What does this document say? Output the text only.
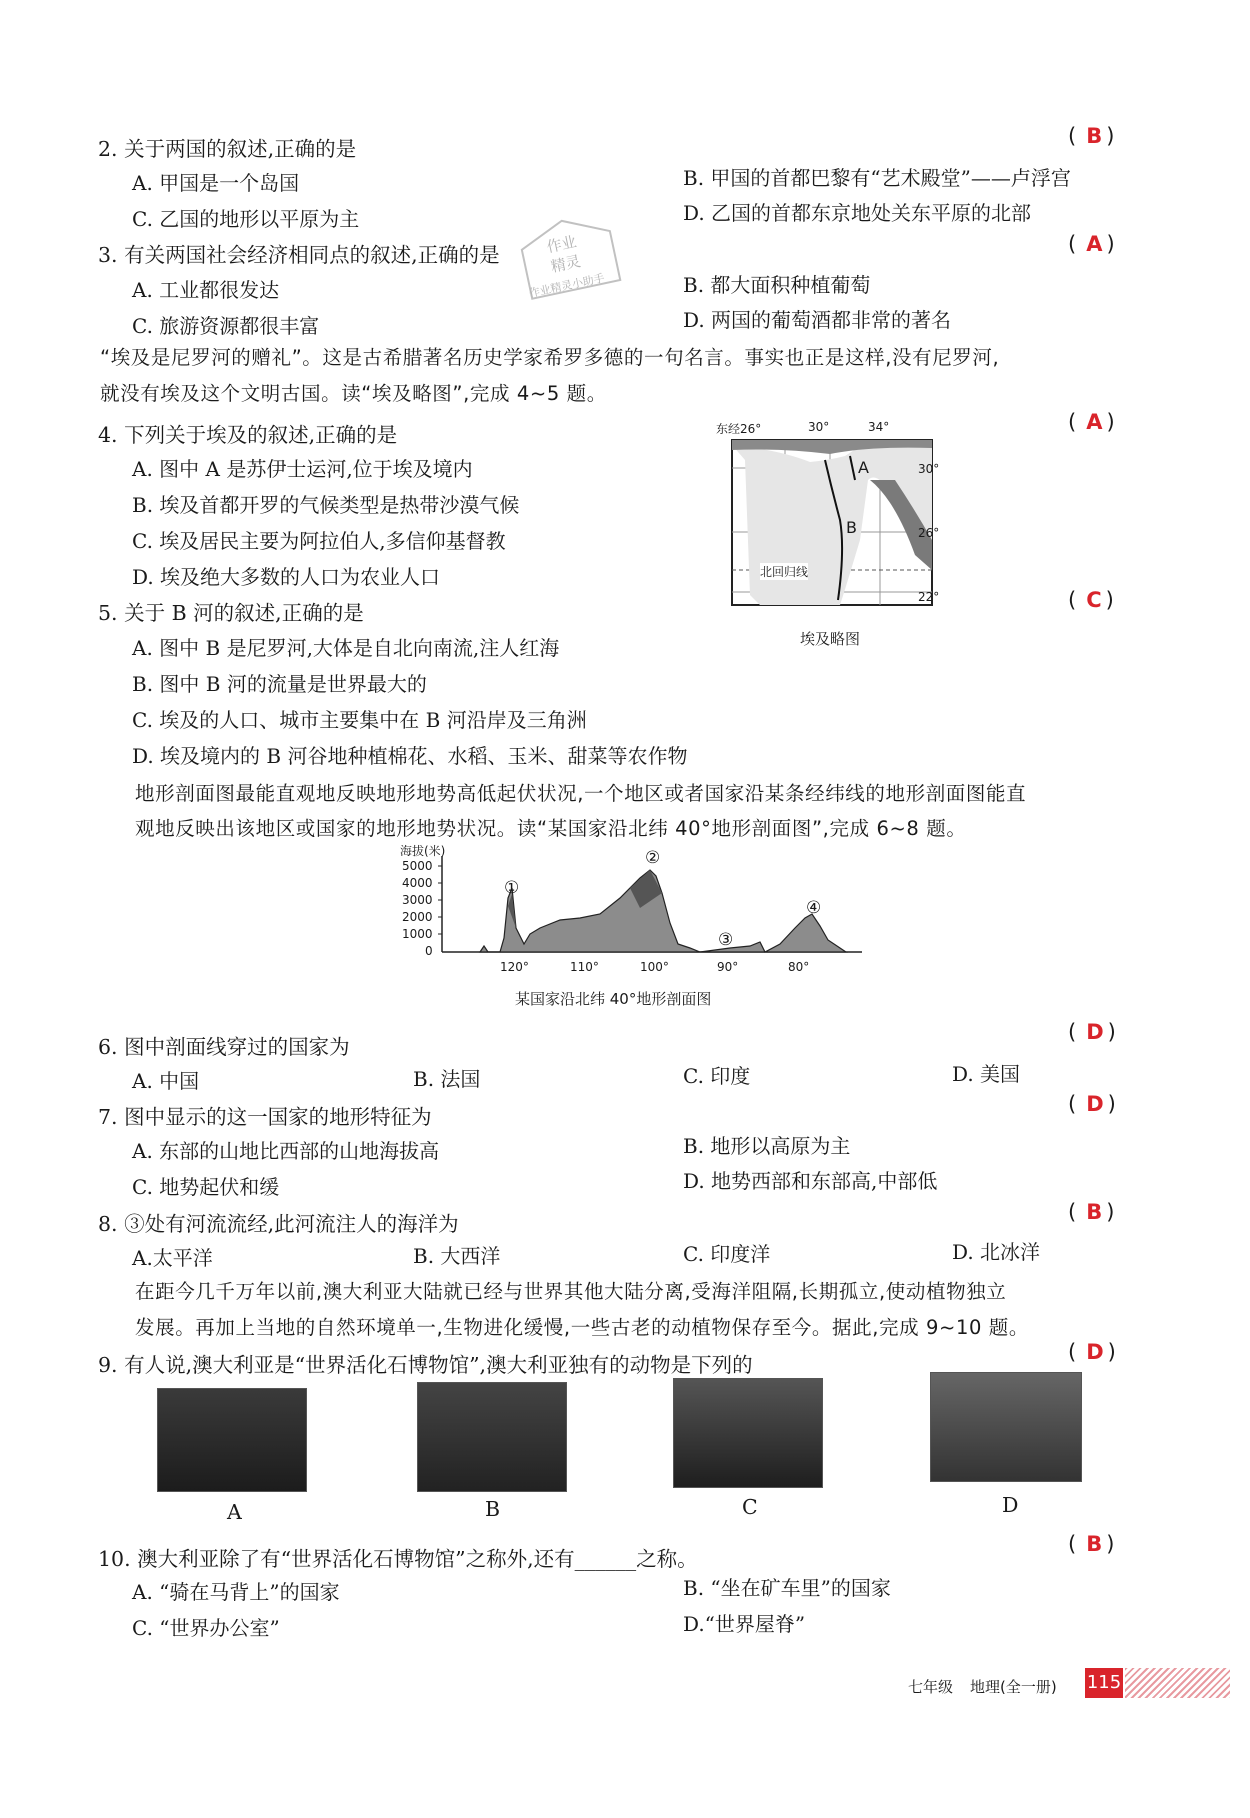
2. 关于两国的叙述,正确的是
( B )
A. 甲国是一个岛国	B. 甲国的首都巴黎有“艺术殿堂”——卢浮宫
C. 乙国的地形以平原为主	D. 乙国的首都东京地处关东平原的北部
3. 有关两国社会经济相同点的叙述,正确的是	( A )
A. 工业都很发达	B. 都大面积种植葡萄
C. 旅游资源都很丰富	D. 两国的葡萄酒都非常的著名
作业
精灵
作业精灵小助手
“埃及是尼罗河的赠礼”。这是古希腊著名历史学家希罗多德的一句名言。事实也正是这样,没有尼罗河,
就没有埃及这个文明古国。读“埃及略图”,完成 4~5 题。
4. 下列关于埃及的叙述,正确的是
( A )
A. 图中 A 是苏伊士运河,位于埃及境内
B. 埃及首都开罗的气候类型是热带沙漠气候
C. 埃及居民主要为阿拉伯人,多信仰基督教
D. 埃及绝大多数的人口为农业人口
东经26°	30°	34°
30°
26°
22°
北回归线
A
B
埃及略图
5. 关于 B 河的叙述,正确的是
( C )
A. 图中 B 是尼罗河,大体是自北向南流,注人红海
B. 图中 B 河的流量是世界最大的
C. 埃及的人口、城市主要集中在 B 河沿岸及三角洲
D. 埃及境内的 B 河谷地种植棉花、水稻、玉米、甜菜等农作物
地形剖面图最能直观地反映地形地势高低起伏状况,一个地区或者国家沿某条经纬线的地形剖面图能直
观地反映出该地区或国家的地形地势状况。读“某国家沿北纬 40°地形剖面图”,完成 6~8 题。
海拔(米)
5000
4000
3000
2000
1000
0
120°	110°	100°	90°	80°
①
②
③
④
某国家沿北纬 40°地形剖面图
6. 图中剖面线穿过的国家为
( D )
A. 中国	B. 法国	C. 印度	D. 美国
7. 图中显示的这一国家的地形特征为
( D )
A. 东部的山地比西部的山地海拔高	B. 地形以高原为主
C. 地势起伏和缓	D. 地势西部和东部高,中部低
8. ③处有河流流经,此河流注人的海洋为	( B )
A.太平洋	B. 大西洋	C. 印度洋	D. 北冰洋
在距今几千万年以前,澳大利亚大陆就已经与世界其他大陆分离,受海洋阻隔,长期孤立,使动植物独立
发展。再加上当地的自然环境单一,生物进化缓慢,一些古老的动植物保存至今。据此,完成 9~10 题。
9. 有人说,澳大利亚是“世界活化石博物馆”,澳大利亚独有的动物是下列的
( D )
A	B	C	D
10. 澳大利亚除了有“世界活化石博物馆”之称外,还有______之称。
( B )
A. “骑在马背上”的国家	B. “坐在矿车里”的国家
C. “世界办公室”	D.“世界屋脊”
七年级 地理(全一册) 115
